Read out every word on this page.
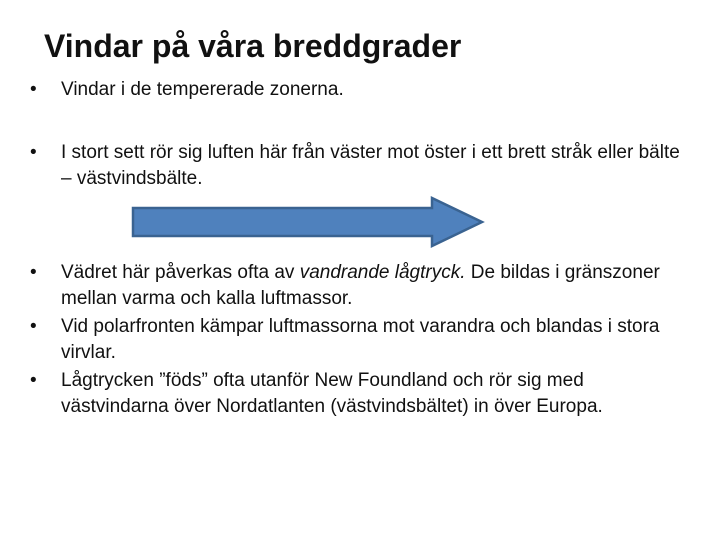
Vindar på våra breddgrader
• Vindar i de tempererade zonerna.
• I stort sett rör sig luften här från väster mot öster i ett brett stråk eller bälte – västvindsbälte.
• Vädret här påverkas ofta av vandrande lågtryck. De bildas i gränszoner mellan varma och kalla luftmassor.
• Vid polarfronten kämpar luftmassorna mot varandra och blandas i stora virvlar.
• Lågtrycken ”föds” ofta utanför New Foundland och rör sig med västvindarna över Nordatlanten (västvindsbältet) in över Europa.
